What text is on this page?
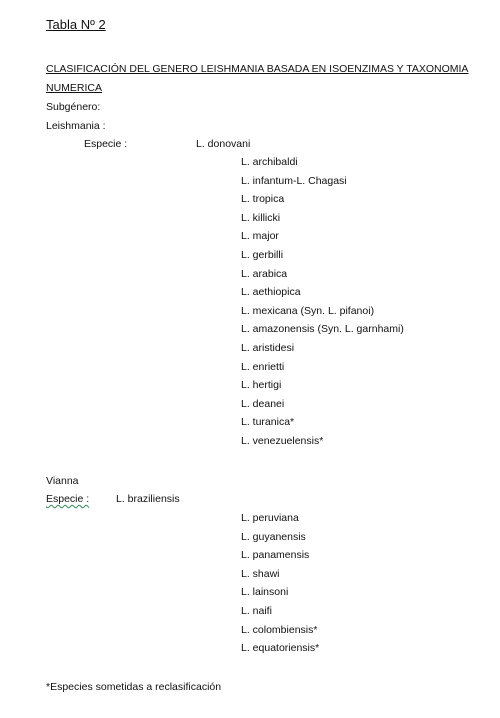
Tabla Nº 2
CLASIFICACIÓN DEL GENERO LEISHMANIA BASADA EN ISOENZIMAS Y TAXONOMIA
NUMERICA
Subgénero:
Leishmania :
Especie :	L. donovani
L. archibaldi
L. infantum-L. Chagasi
L. tropica
L. killicki
L. major
L. gerbilli
L. arabica
L. aethiopica
L. mexicana (Syn. L. pifanoi)
L. amazonensis (Syn. L. garnhami)
L. aristidesi
L. enrietti
L. hertigi
L. deanei
L. turanica*
L. venezuelensis*
Vianna
Especie :	L. braziliensis
L. peruviana
L. guyanensis
L. panamensis
L. shawi
L. lainsoni
L. naifi
L. colombiensis*
L. equatoriensis*
*Especies sometidas a reclasificación
